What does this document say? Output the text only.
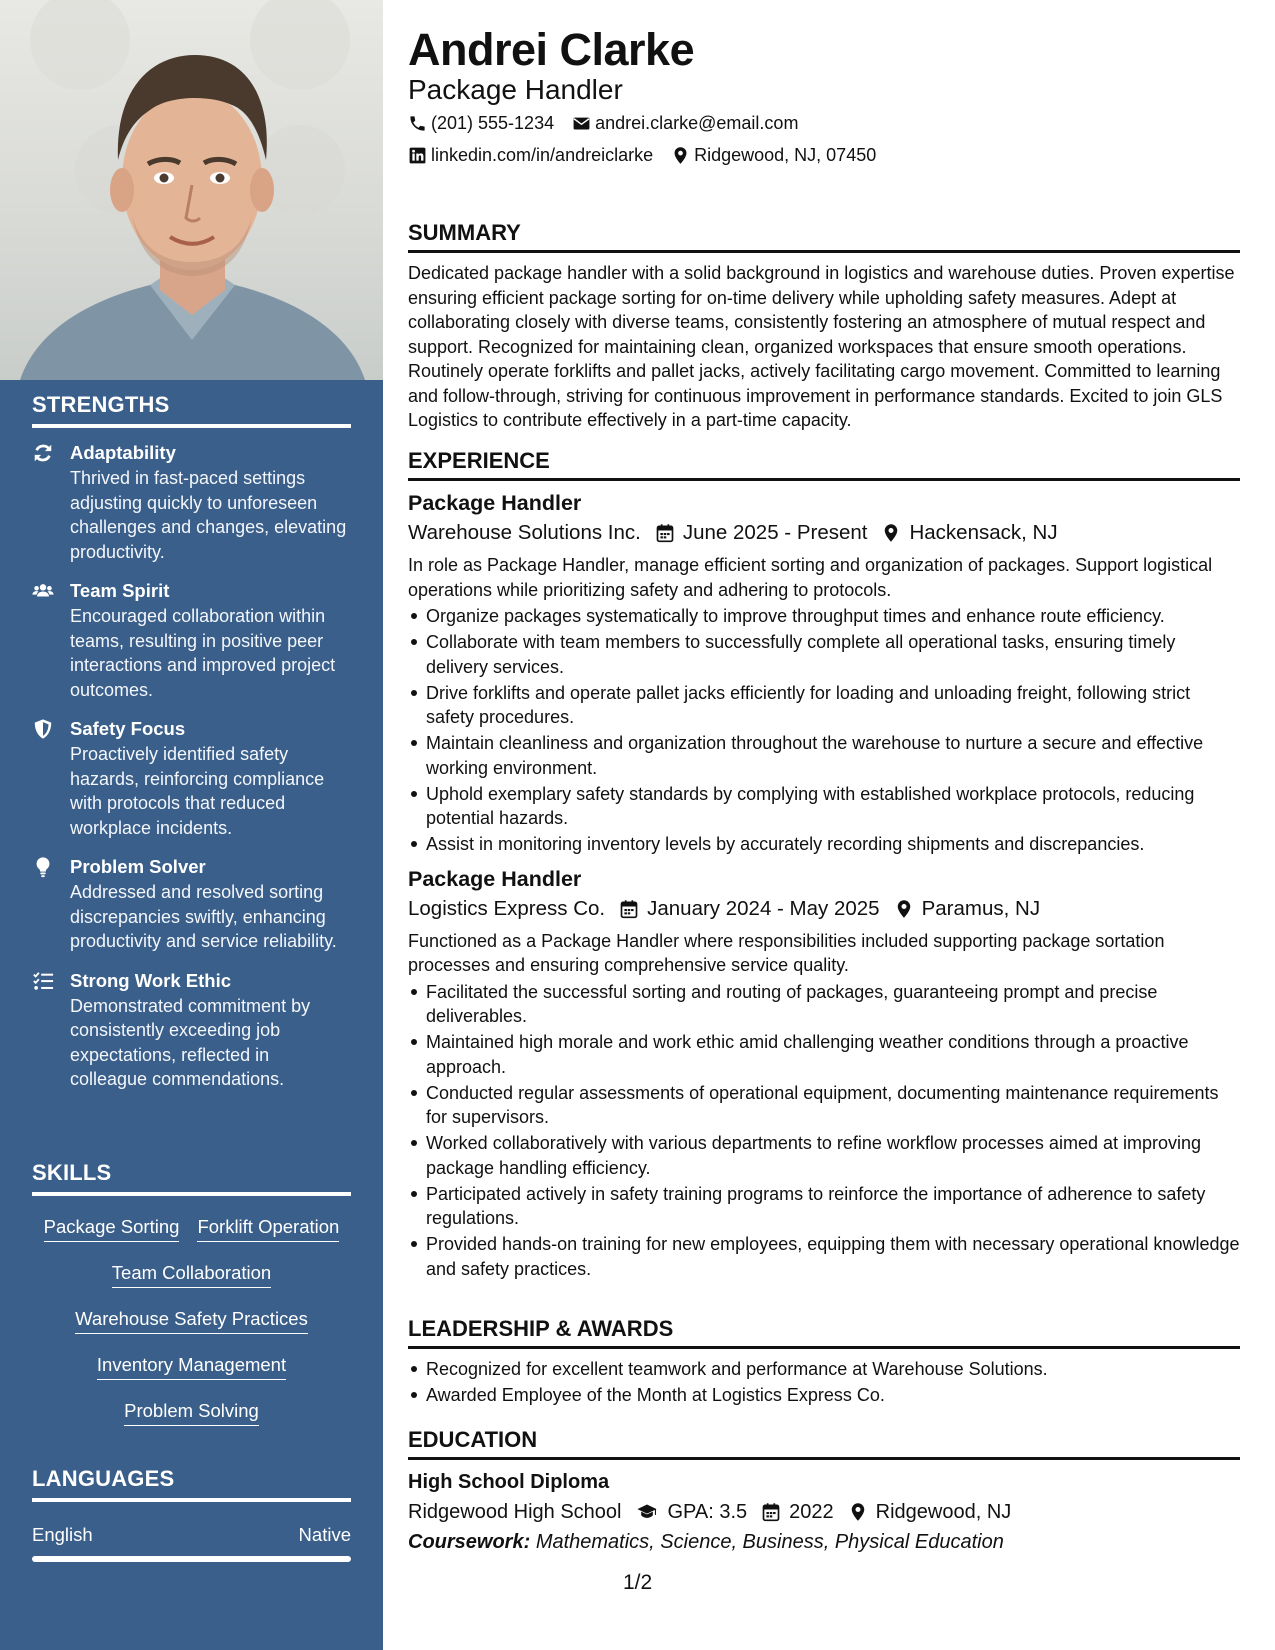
STRENGTHS
Adaptability
Thrived in fast-paced settings adjusting quickly to unforeseen challenges and changes, elevating productivity.
Team Spirit
Encouraged collaboration within teams, resulting in positive peer interactions and improved project outcomes.
Safety Focus
Proactively identified safety hazards, reinforcing compliance with protocols that reduced workplace incidents.
Problem Solver
Addressed and resolved sorting discrepancies swiftly, enhancing productivity and service reliability.
Strong Work Ethic
Demonstrated commitment by consistently exceeding job expectations, reflected in colleague commendations.
SKILLS
Package Sorting Forklift Operation
Team Collaboration
Warehouse Safety Practices
Inventory Management
Problem Solving
LANGUAGES
English	Native
Andrei Clarke
Package Handler
(201) 555-1234 andrei.clarke@email.com
linkedin.com/in/andreiclarke Ridgewood, NJ, 07450
SUMMARY
Dedicated package handler with a solid background in logistics and warehouse duties. Proven expertise ensuring efficient package sorting for on-time delivery while upholding safety measures. Adept at collaborating closely with diverse teams, consistently fostering an atmosphere of mutual respect and support. Recognized for maintaining clean, organized workspaces that ensure smooth operations. Routinely operate forklifts and pallet jacks, actively facilitating cargo movement. Committed to learning and follow-through, striving for continuous improvement in performance standards. Excited to join GLS Logistics to contribute effectively in a part-time capacity.
EXPERIENCE
Package Handler
Warehouse Solutions Inc. June 2025 - Present Hackensack, NJ
In role as Package Handler, manage efficient sorting and organization of packages. Support logistical operations while prioritizing safety and adhering to protocols.
Organize packages systematically to improve throughput times and enhance route efficiency.
Collaborate with team members to successfully complete all operational tasks, ensuring timely delivery services.
Drive forklifts and operate pallet jacks efficiently for loading and unloading freight, following strict safety procedures.
Maintain cleanliness and organization throughout the warehouse to nurture a secure and effective working environment.
Uphold exemplary safety standards by complying with established workplace protocols, reducing potential hazards.
Assist in monitoring inventory levels by accurately recording shipments and discrepancies.
Package Handler
Logistics Express Co. January 2024 - May 2025 Paramus, NJ
Functioned as a Package Handler where responsibilities included supporting package sortation processes and ensuring comprehensive service quality.
Facilitated the successful sorting and routing of packages, guaranteeing prompt and precise deliverables.
Maintained high morale and work ethic amid challenging weather conditions through a proactive approach.
Conducted regular assessments of operational equipment, documenting maintenance requirements for supervisors.
Worked collaboratively with various departments to refine workflow processes aimed at improving package handling efficiency.
Participated actively in safety training programs to reinforce the importance of adherence to safety regulations.
Provided hands-on training for new employees, equipping them with necessary operational knowledge and safety practices.
LEADERSHIP & AWARDS
Recognized for excellent teamwork and performance at Warehouse Solutions.
Awarded Employee of the Month at Logistics Express Co.
EDUCATION
High School Diploma
Ridgewood High School GPA: 3.5 2022 Ridgewood, NJ
Coursework: Mathematics, Science, Business, Physical Education
1/2
